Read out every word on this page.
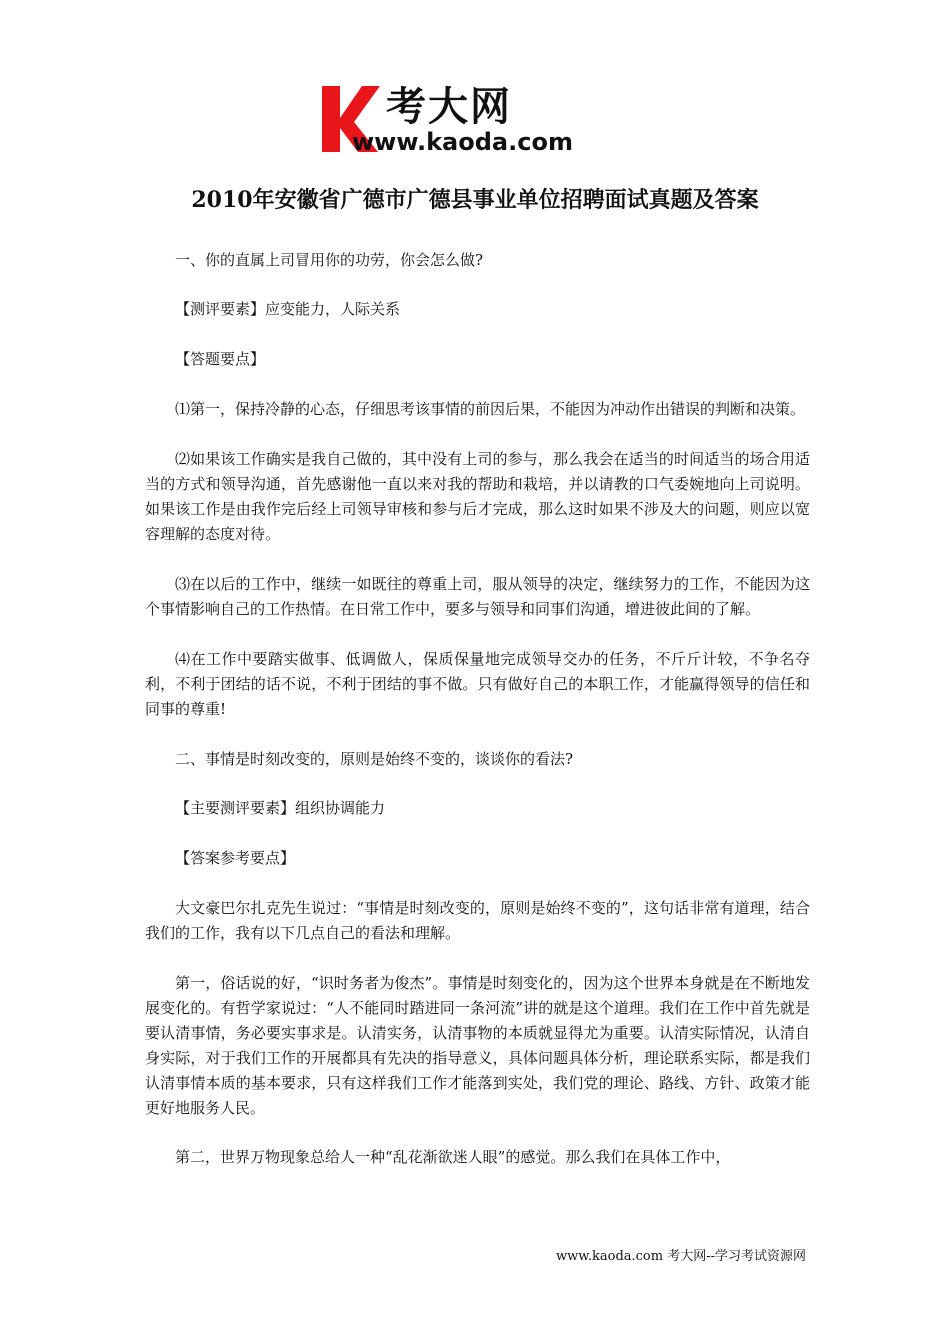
考大网
www.kaoda.com
2010年安徽省广德市广德县事业单位招聘面试真题及答案

一、你的直属上司冒用你的功劳，你会怎么做?

【测评要素】应变能力，人际关系

【答题要点】

⑴第一，保持冷静的心态，仔细思考该事情的前因后果，不能因为冲动作出错误的判断和决策。

⑵如果该工作确实是我自己做的，其中没有上司的参与，那么我会在适当的时间适当的场合用适当的方式和领导沟通，首先感谢他一直以来对我的帮助和栽培，并以请教的口气委婉地向上司说明。如果该工作是由我作完后经上司领导审核和参与后才完成，那么这时如果不涉及大的问题，则应以宽容理解的态度对待。

⑶在以后的工作中，继续一如既往的尊重上司，服从领导的决定，继续努力的工作，不能因为这个事情影响自己的工作热情。在日常工作中，要多与领导和同事们沟通，增进彼此间的了解。

⑷在工作中要踏实做事、低调做人，保质保量地完成领导交办的任务，不斤斤计较，不争名夺利，不利于团结的话不说，不利于团结的事不做。只有做好自己的本职工作，才能赢得领导的信任和同事的尊重!

二、事情是时刻改变的，原则是始终不变的，谈谈你的看法?

【主要测评要素】组织协调能力

【答案参考要点】

大文豪巴尔扎克先生说过：“事情是时刻改变的，原则是始终不变的”，这句话非常有道理，结合我们的工作，我有以下几点自己的看法和理解。

第一，俗话说的好，“识时务者为俊杰”。事情是时刻变化的，因为这个世界本身就是在不断地发展变化的。有哲学家说过：“人不能同时踏进同一条河流”讲的就是这个道理。我们在工作中首先就是要认清事情，务必要实事求是。认清实务，认清事物的本质就显得尤为重要。认清实际情况，认清自身实际，对于我们工作的开展都具有先决的指导意义，具体问题具体分析，理论联系实际，都是我们认清事情本质的基本要求，只有这样我们工作才能落到实处，我们党的理论、路线、方针、政策才能更好地服务人民。

第二，世界万物现象总给人一种“乱花渐欲迷人眼”的感觉。那么我们在具体工作中，

www.kaoda.com 考大网--学习考试资源网
